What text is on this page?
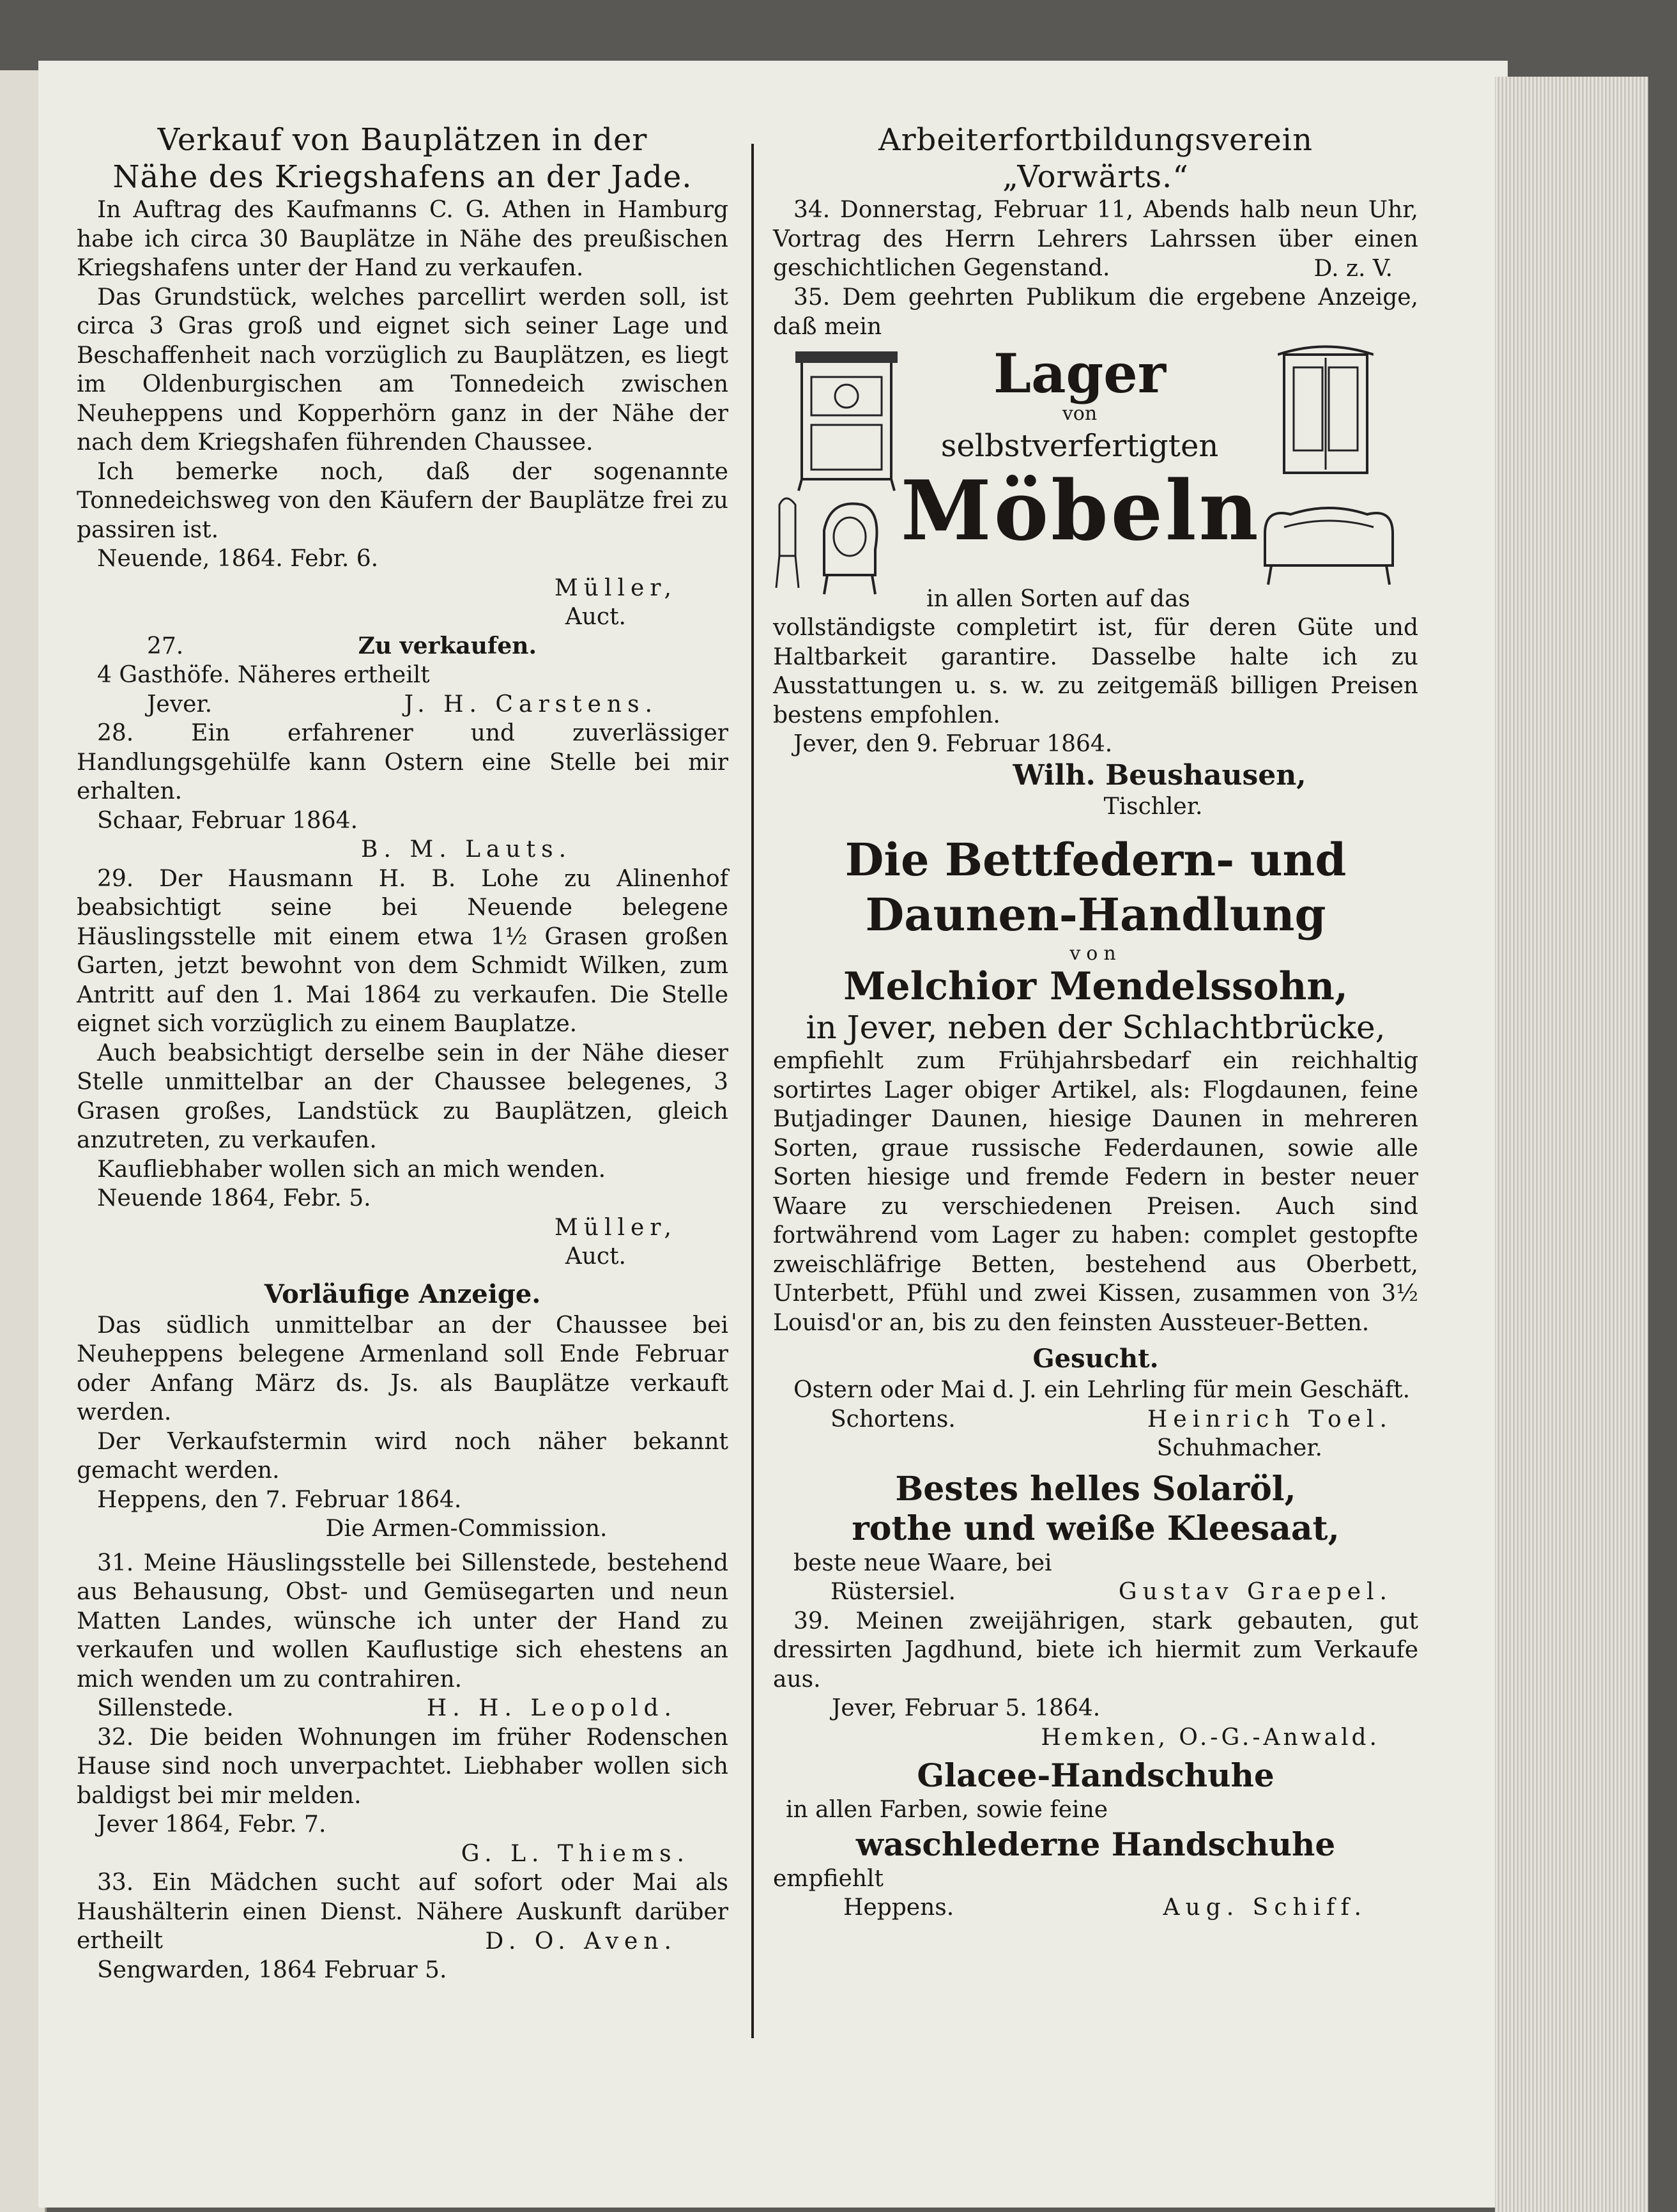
Verkauf von Bauplätzen in der

Nähe des Kriegshafens an der Jade.

In Auftrag des Kaufmanns C. G. Athen in Hamburg habe ich circa 30 Bauplätze in Nähe des preußischen Kriegshafens unter der Hand zu verkaufen.

Das Grundstück, welches parcellirt werden soll, ist circa 3 Gras groß und eignet sich seiner Lage und Beschaffenheit nach vorzüglich zu Bauplätzen, es liegt im Oldenburgischen am Tonnedeich zwischen Neuheppens und Kopperhörn ganz in der Nähe der nach dem Kriegshafen führenden Chaussee.

Ich bemerke noch, daß der sogenannte Tonnedeichsweg von den Käufern der Bauplätze frei zu passiren ist.

Neuende, 1864. Febr. 6.

Müller,
Auct.
27.	Zu verkaufen.

4 Gasthöfe. Näheres ertheilt

Jever.	J. H. Carstens.

28. Ein erfahrener und zuverlässiger Handlungsgehülfe kann Ostern eine Stelle bei mir erhalten.

Schaar, Februar 1864.

B. M. Lauts.

29. Der Hausmann H. B. Lohe zu Alinenhof beabsichtigt seine bei Neuende belegene Häuslingsstelle mit einem etwa 1½ Grasen großen Garten, jetzt bewohnt von dem Schmidt Wilken, zum Antritt auf den 1. Mai 1864 zu verkaufen. Die Stelle eignet sich vorzüglich zu einem Bauplatze.

Auch beabsichtigt derselbe sein in der Nähe dieser Stelle unmittelbar an der Chaussee belegenes, 3 Grasen großes, Landstück zu Bauplätzen, gleich anzutreten, zu verkaufen.

Kaufliebhaber wollen sich an mich wenden.

Neuende 1864, Febr. 5.

Müller,
Auct.

Vorläufige Anzeige.

Das südlich unmittelbar an der Chaussee bei Neuheppens belegene Armenland soll Ende Februar oder Anfang März ds. Js. als Bauplätze verkauft werden.

Der Verkaufstermin wird noch näher bekannt gemacht werden.

Heppens, den 7. Februar 1864.

Die Armen-Commission.

31. Meine Häuslingsstelle bei Sillenstede, bestehend aus Behausung, Obst- und Gemüsegarten und neun Matten Landes, wünsche ich unter der Hand zu verkaufen und wollen Kauflustige sich ehestens an mich wenden um zu contrahiren.

Sillenstede.	H. H. Leopold.

32. Die beiden Wohnungen im früher Rodenschen Hause sind noch unverpachtet. Liebhaber wollen sich baldigst bei mir melden.

Jever 1864, Febr. 7.

G. L. Thiems.

33. Ein Mädchen sucht auf sofort oder Mai als Haushälterin einen Dienst. Nähere Auskunft darüber ertheilt	D. O. Aven.

Sengwarden, 1864 Februar 5.

Arbeiterfortbildungsverein

„Vorwärts.“

34. Donnerstag, Februar 11, Abends halb neun Uhr, Vortrag des Herrn Lehrers Lahrssen über einen geschichtlichen Gegenstand.	D. z. V.

35. Dem geehrten Publikum die ergebene Anzeige, daß mein

Lager

von

selbstverfertigten

Möbeln

in allen Sorten auf das

vollständigste completirt ist, für deren Güte und Haltbarkeit garantire. Dasselbe halte ich zu Ausstattungen u. s. w. zu zeitgemäß billigen Preisen bestens empfohlen.

Jever, den 9. Februar 1864.

Wilh. Beushausen,

Tischler.

Die Bettfedern- und

Daunen-Handlung

von

Melchior Mendelssohn,

in Jever, neben der Schlachtbrücke,

empfiehlt zum Frühjahrsbedarf ein reichhaltig sortirtes Lager obiger Artikel, als: Flogdaunen, feine Butjadinger Daunen, hiesige Daunen in mehreren Sorten, graue russische Federdaunen, sowie alle Sorten hiesige und fremde Federn in bester neuer Waare zu verschiedenen Preisen. Auch sind fortwährend vom Lager zu haben: complet gestopfte zweischläfrige Betten, bestehend aus Oberbett, Unterbett, Pfühl und zwei Kissen, zusammen von 3½ Louisd'or an, bis zu den feinsten Aussteuer-Betten.

Gesucht.

Ostern oder Mai d. J. ein Lehrling für mein Geschäft.

Schortens.	Heinrich Toel.
Schuhmacher.

Bestes helles Solaröl,

rothe und weiße Kleesaat,

beste neue Waare, bei

Rüstersiel.	Gustav Graepel.

39. Meinen zweijährigen, stark gebauten, gut dressirten Jagdhund, biete ich hiermit zum Verkaufe aus.

Jever, Februar 5. 1864.

Hemken, O.-G.-Anwald.

Glacee-Handschuhe

in allen Farben, sowie feine

waschlederne Handschuhe

empfiehlt

Heppens.	Aug. Schiff.
